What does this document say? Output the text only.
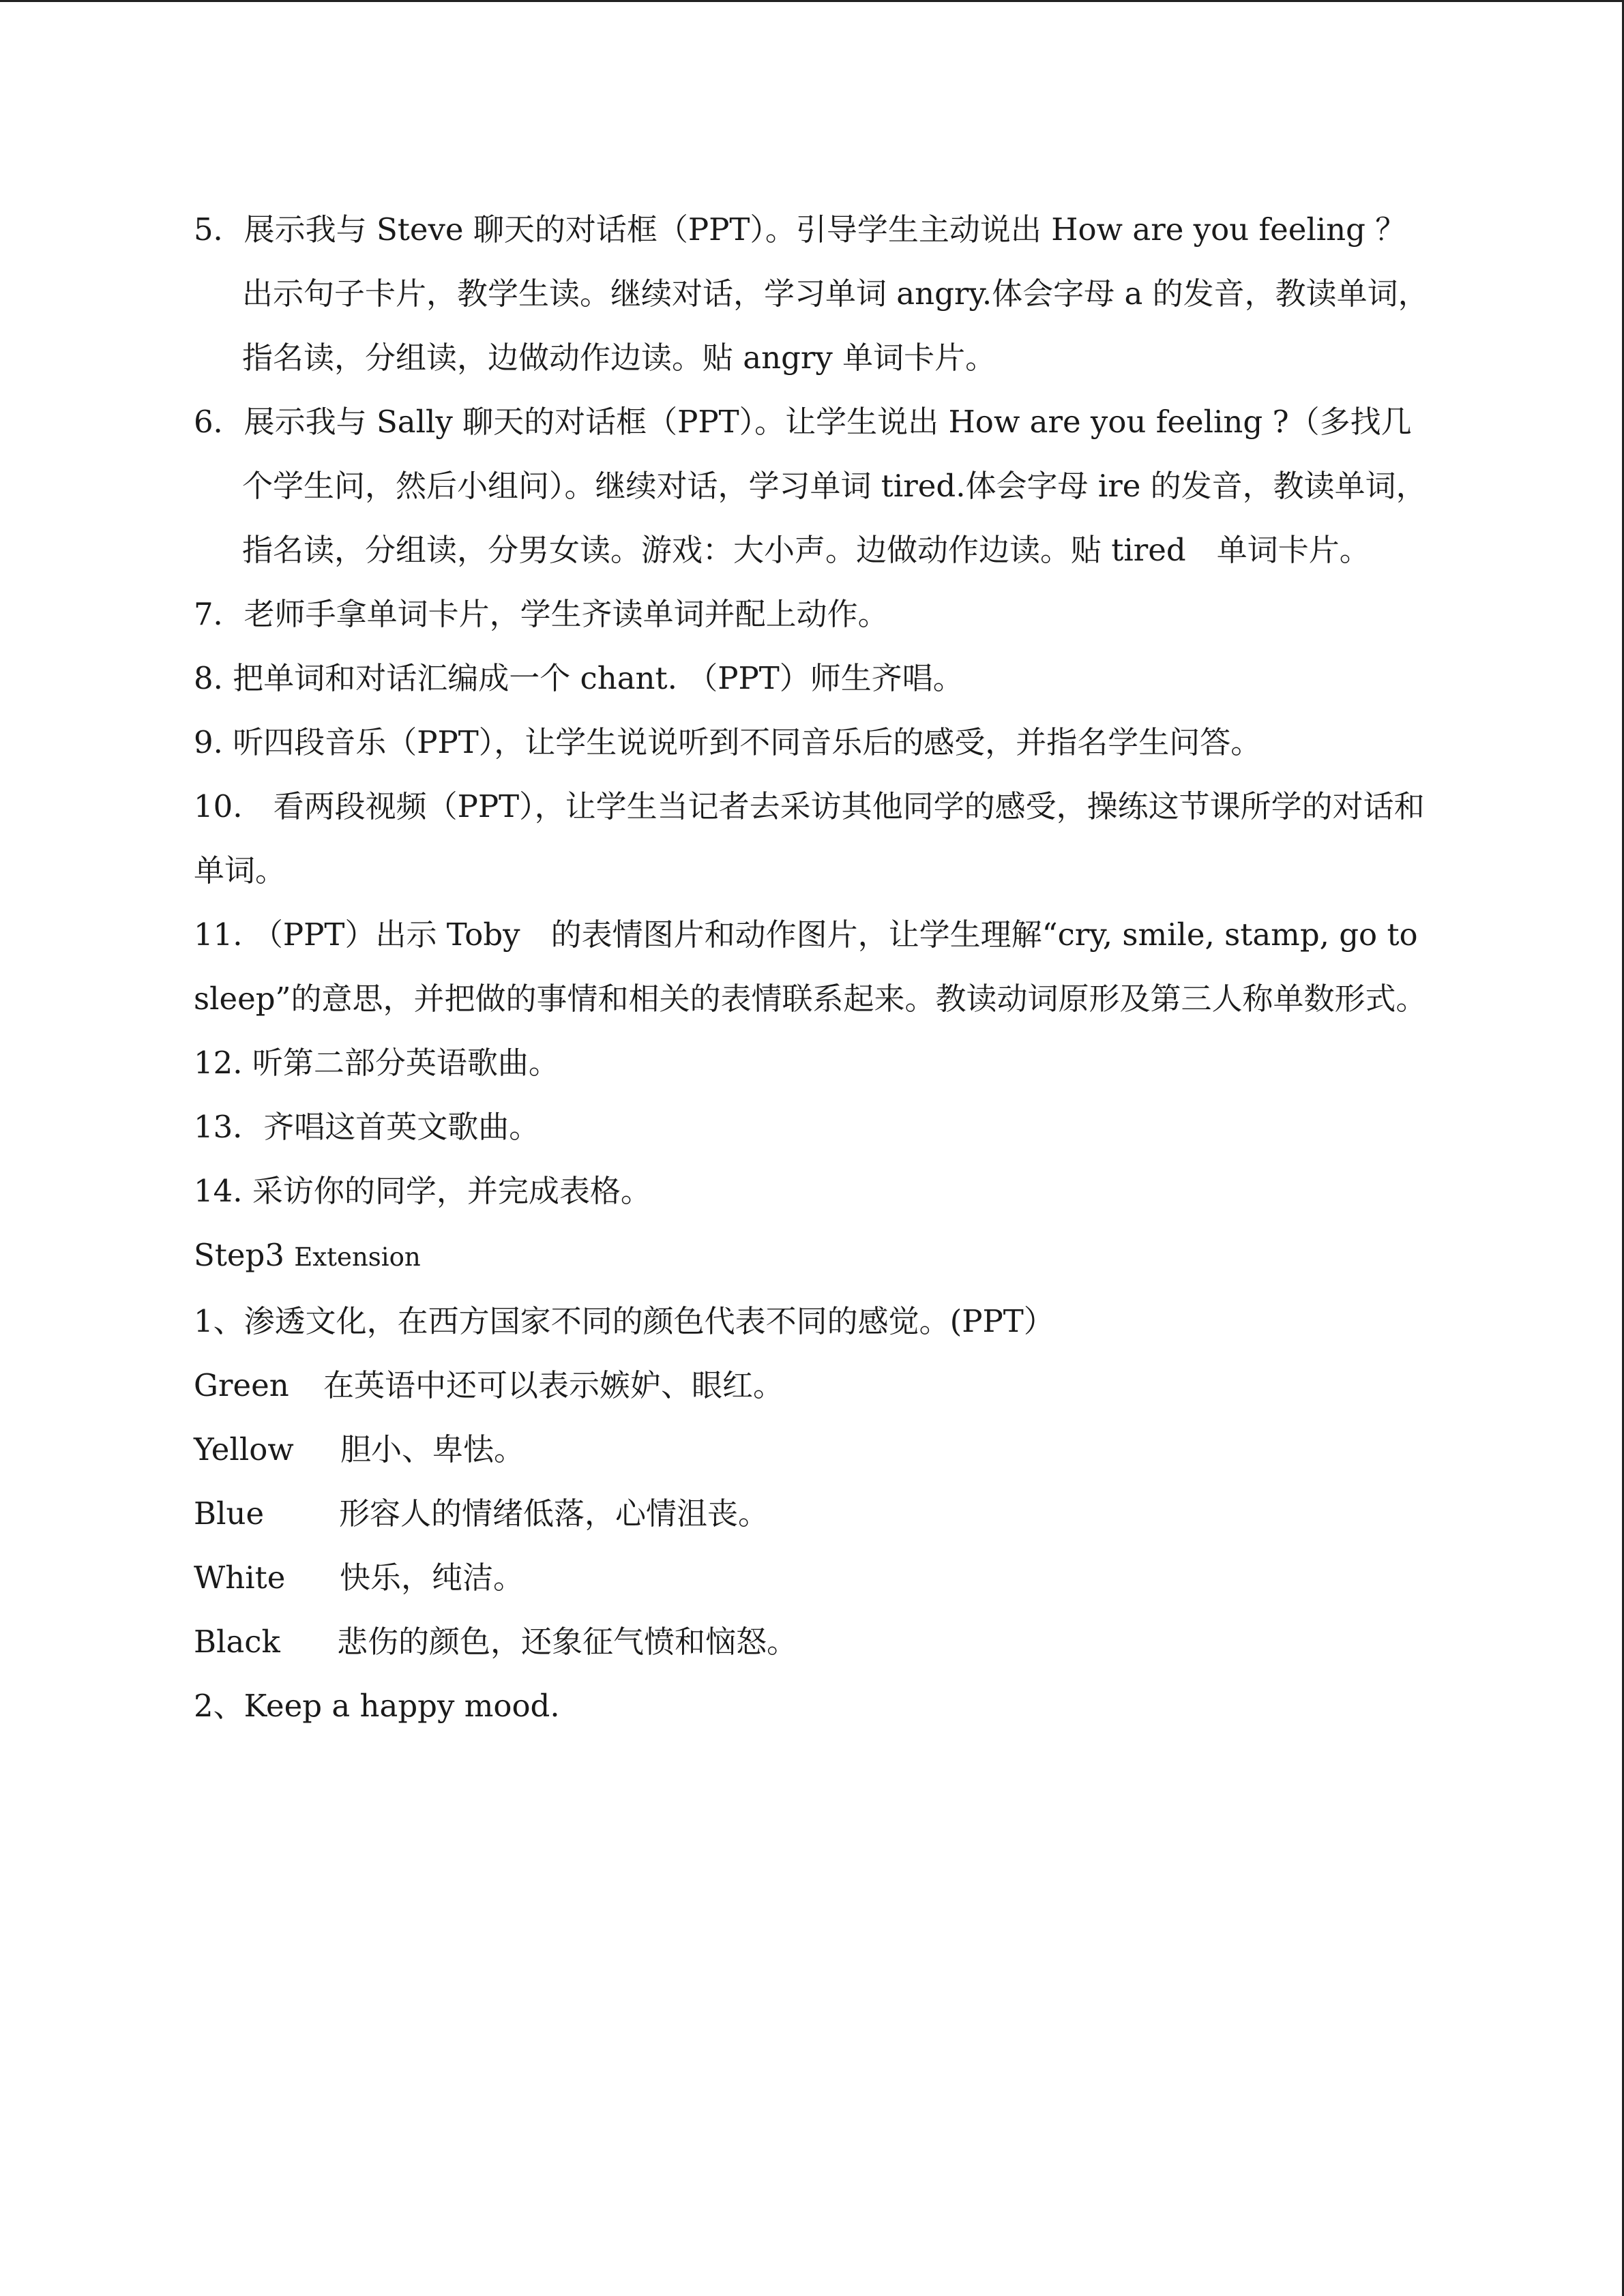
5．展示我与 Steve 聊天的对话框（PPT）。引导学生主动说出 How are you feeling ？ 出示句子卡片，教学生读。继续对话，学习单词 angry.体会字母 a 的发音，教读单词，指名读，分组读，边做动作边读。贴 angry 单词卡片。

6．展示我与 Sally 聊天的对话框（PPT）。让学生说出 How are you feeling ?（多找几个学生问，然后小组问）。继续对话，学习单词 tired.体会字母 ire 的发音，教读单词，指名读，分组读，分男女读。游戏：大小声。边做动作边读。贴 tired　单词卡片。

7．老师手拿单词卡片，学生齐读单词并配上动作。

8. 把单词和对话汇编成一个 chant. （PPT）师生齐唱。

9. 听四段音乐（PPT），让学生说说听到不同音乐后的感受，并指名学生问答。

10.　看两段视频（PPT），让学生当记者去采访其他同学的感受，操练这节课所学的对话和单词。

11. （PPT）出示 Toby　的表情图片和动作图片，让学生理解“cry, smile, stamp, go to sleep”的意思，并把做的事情和相关的表情联系起来。教读动词原形及第三人称单数形式。

12. 听第二部分英语歌曲。

13．齐唱这首英文歌曲。

14. 采访你的同学，并完成表格。

Step3 Extension

1、渗透文化，在西方国家不同的颜色代表不同的感觉。(PPT）

Green	在英语中还可以表示嫉妒、眼红。

Yellow	胆小、卑怯。

Blue	形容人的情绪低落，心情沮丧。

White	快乐，纯洁。

Black	悲伤的颜色，还象征气愤和恼怒。

2、Keep a happy mood.
